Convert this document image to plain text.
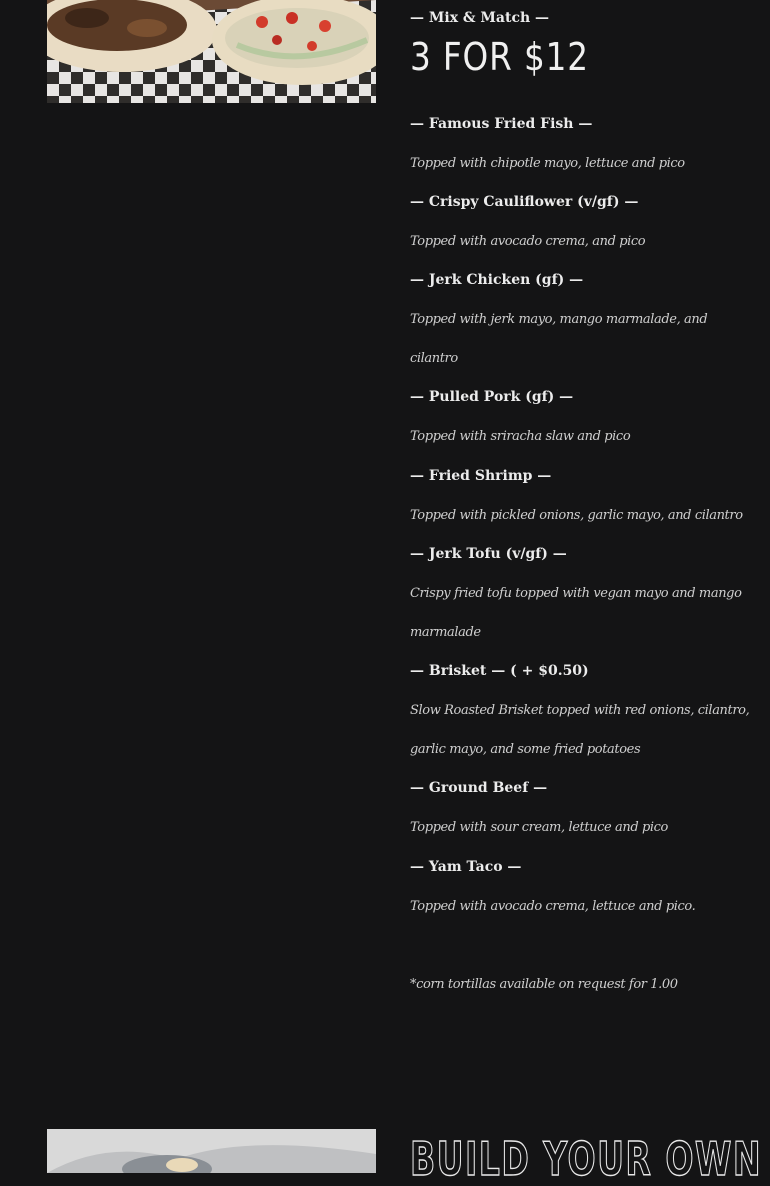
— Mix & Match —
3 FOR $12
— Famous Fried Fish —
Topped with chipotle mayo, lettuce and pico
— Crispy Cauliflower (v/gf) —
Topped with avocado crema, and pico
— Jerk Chicken (gf) —
Topped with jerk mayo, mango marmalade, and
cilantro
— Pulled Pork (gf) —
Topped with sriracha slaw and pico
— Fried Shrimp —
Topped with pickled onions, garlic mayo, and cilantro
— Jerk Tofu (v/gf) —
Crispy fried tofu topped with vegan mayo and mango
marmalade
— Brisket — ( + $0.50)
Slow Roasted Brisket topped with red onions, cilantro,
garlic mayo, and some fried potatoes
— Ground Beef —
Topped with sour cream, lettuce and pico
— Yam Taco —
Topped with avocado crema, lettuce and pico.
*corn tortillas available on request for 1.00
BUILD YOUR OWN
